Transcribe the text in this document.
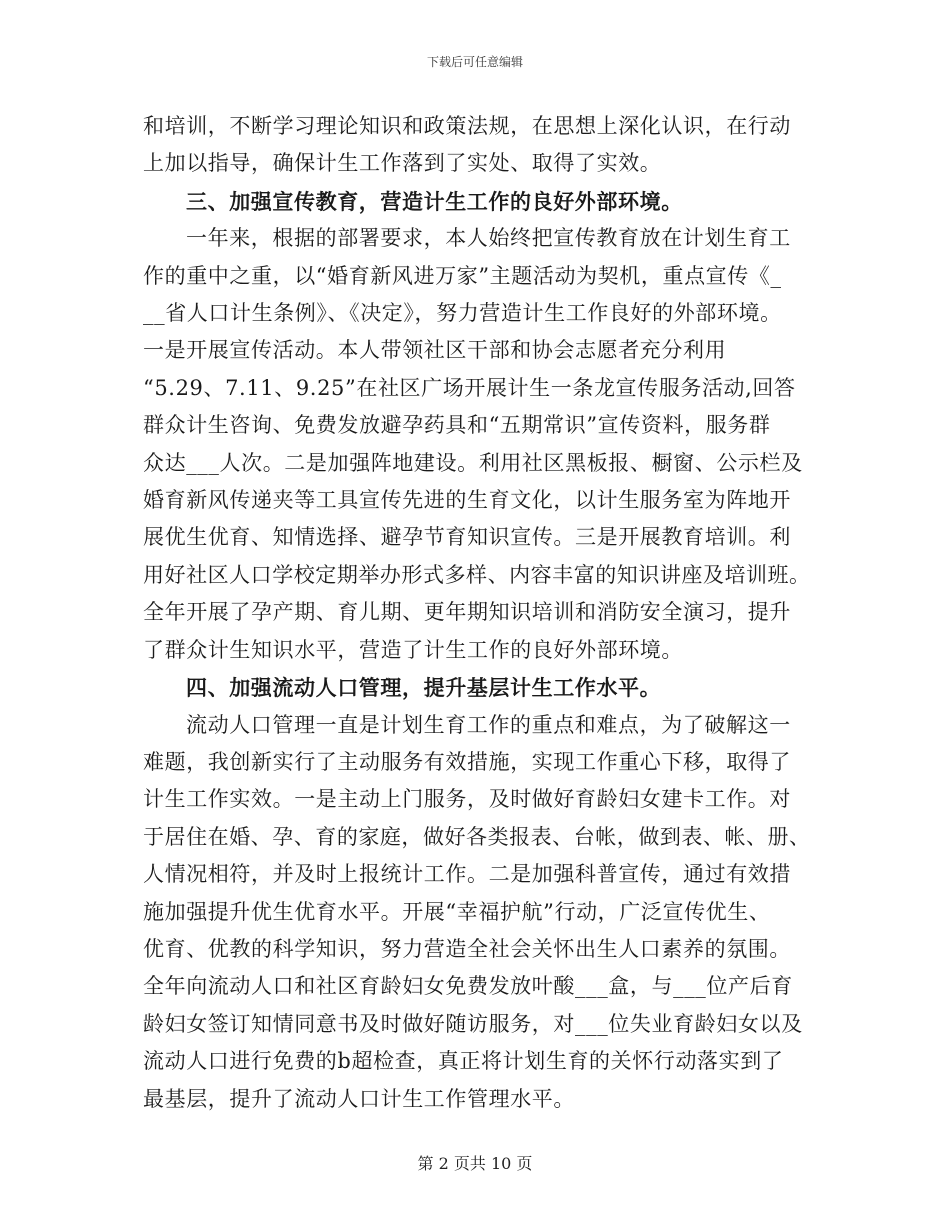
下载后可任意编辑
和培训，不断学习理论知识和政策法规，在思想上深化认识，在行动
上加以指导，确保计生工作落到了实处、取得了实效。
三、加强宣传教育，营造计生工作的良好外部环境。
一年来，根据的部署要求，本人始终把宣传教育放在计划生育工
作的重中之重，以“婚育新风进万家”主题活动为契机，重点宣传《_
__省人口计生条例》、《决定》，努力营造计生工作良好的外部环境。
一是开展宣传活动。本人带领社区干部和协会志愿者充分利用
“5.29、7.11、9.25”在社区广场开展计生一条龙宣传服务活动,回答
群众计生咨询、免费发放避孕药具和“五期常识”宣传资料，服务群
众达___人次。二是加强阵地建设。利用社区黑板报、橱窗、公示栏及
婚育新风传递夹等工具宣传先进的生育文化，以计生服务室为阵地开
展优生优育、知情选择、避孕节育知识宣传。三是开展教育培训。利
用好社区人口学校定期举办形式多样、内容丰富的知识讲座及培训班。
全年开展了孕产期、育儿期、更年期知识培训和消防安全演习，提升
了群众计生知识水平，营造了计生工作的良好外部环境。
四、加强流动人口管理，提升基层计生工作水平。
流动人口管理一直是计划生育工作的重点和难点，为了破解这一
难题，我创新实行了主动服务有效措施，实现工作重心下移，取得了
计生工作实效。一是主动上门服务，及时做好育龄妇女建卡工作。对
于居住在婚、孕、育的家庭，做好各类报表、台帐，做到表、帐、册、
人情况相符，并及时上报统计工作。二是加强科普宣传，通过有效措
施加强提升优生优育水平。开展“幸福护航”行动，广泛宣传优生、
优育、优教的科学知识，努力营造全社会关怀出生人口素养的氛围。
全年向流动人口和社区育龄妇女免费发放叶酸___盒，与___位产后育
龄妇女签订知情同意书及时做好随访服务，对___位失业育龄妇女以及
流动人口进行免费的b超检查，真正将计划生育的关怀行动落实到了
最基层，提升了流动人口计生工作管理水平。
第 2 页共 10 页
